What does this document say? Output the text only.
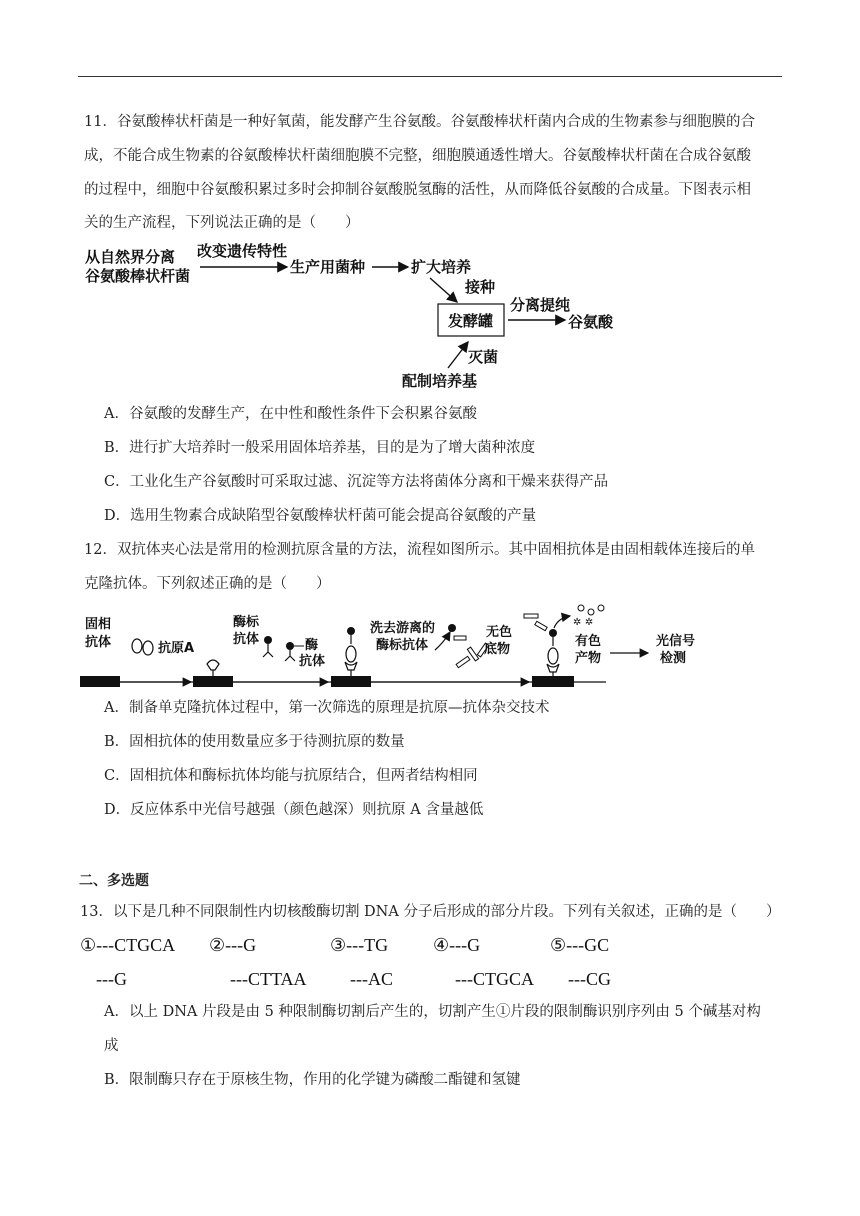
11．谷氨酸棒状杆菌是一种好氧菌，能发酵产生谷氨酸。谷氨酸棒状杆菌内合成的生物素参与细胞膜的合
成，不能合成生物素的谷氨酸棒状杆菌细胞膜不完整，细胞膜通透性增大。谷氨酸棒状杆菌在合成谷氨酸
的过程中，细胞中谷氨酸积累过多时会抑制谷氨酸脱氢酶的活性，从而降低谷氨酸的合成量。下图表示相
关的生产流程，下列说法正确的是（　　）
从自然界分离
谷氨酸棒状杆菌
改变遗传特性
生产用菌种	扩大培养
接种
发酵罐
分离提纯
谷氨酸
灭菌
配制培养基
A．谷氨酸的发酵生产，在中性和酸性条件下会积累谷氨酸
B．进行扩大培养时一般采用固体培养基，目的是为了增大菌种浓度
C．工业化生产谷氨酸时可采取过滤、沉淀等方法将菌体分离和干燥来获得产品
D．选用生物素合成缺陷型谷氨酸棒状杆菌可能会提高谷氨酸的产量
12．双抗体夹心法是常用的检测抗原含量的方法，流程如图所示。其中固相抗体是由固相载体连接后的单
克隆抗体。下列叙述正确的是（　　）
固相
抗体	抗原A
酶标
抗体	酶
抗体
洗去游离的
酶标抗体
无色
底物
✲ ✲
有色
产物
光信号
检测
A．制备单克隆抗体过程中，第一次筛选的原理是抗原—抗体杂交技术
B．固相抗体的使用数量应多于待测抗原的数量
C．固相抗体和酶标抗体均能与抗原结合，但两者结构相同
D．反应体系中光信号越强（颜色越深）则抗原 A 含量越低
二、多选题
13．以下是几种不同限制性内切核酸酶切割 DNA 分子后形成的部分片段。下列有关叙述，正确的是（　　）
①---CTGCA ②---G	③---TG ④---G	⑤---GC
---G	---CTTAA ---AC	---CTGCA ---CG
A．以上 DNA 片段是由 5 种限制酶切割后产生的，切割产生①片段的限制酶识别序列由 5 个碱基对构
成
B．限制酶只存在于原核生物，作用的化学键为磷酸二酯键和氢键
